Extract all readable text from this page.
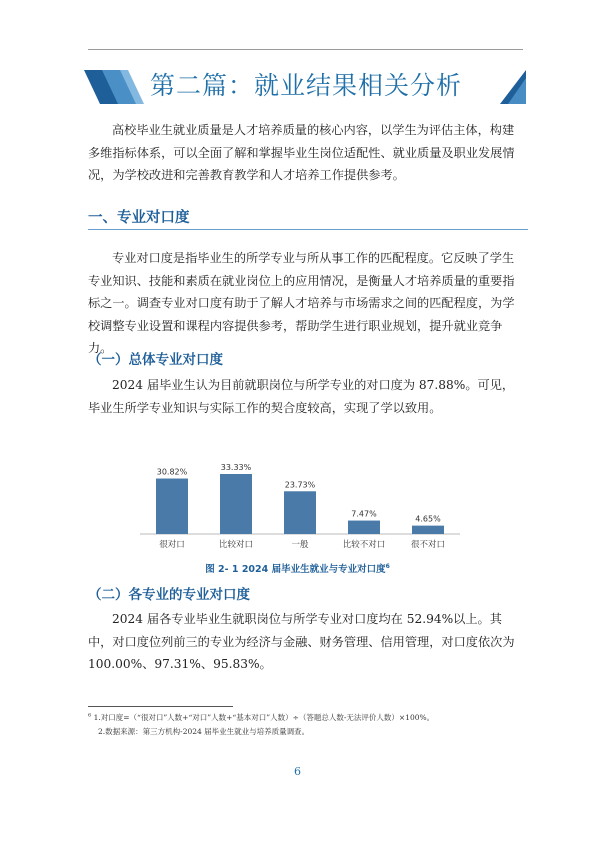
第二篇：就业结果相关分析

高校毕业生就业质量是人才培养质量的核心内容，以学生为评估主体，构建多维指标体系，可以全面了解和掌握毕业生岗位适配性、就业质量及职业发展情况，为学校改进和完善教育教学和人才培养工作提供参考。

一、专业对口度

专业对口度是指毕业生的所学专业与所从事工作的匹配程度。它反映了学生专业知识、技能和素质在就业岗位上的应用情况，是衡量人才培养质量的重要指标之一。调查专业对口度有助于了解人才培养与市场需求之间的匹配程度，为学校调整专业设置和课程内容提供参考，帮助学生进行职业规划，提升就业竞争力。

（一）总体专业对口度

2024 届毕业生认为目前就职岗位与所学专业的对口度为 87.88%。可见，毕业生所学专业知识与实际工作的契合度较高，实现了学以致用。

30.82%
很对口
33.33%
比较对口
23.73%
一般
7.47%
比较不对口
4.65%
很不对口
图 2- 1 2024 届毕业生就业与专业对口度$^6$
（二）各专业的专业对口度

2024 届各专业毕业生就职岗位与所学专业对口度均在 52.94%以上。其中，对口度位列前三的专业为经济与金融、财务管理、信用管理，对口度依次为 100.00%、97.31%、95.83%。

$^6$ 1.对口度=（“很对口”人数+“对口”人数+“基本对口”人数）÷（答题总人数-无法评价人数）×100%。
2.数据来源：第三方机构-2024 届毕业生就业与培养质量调查。
6
